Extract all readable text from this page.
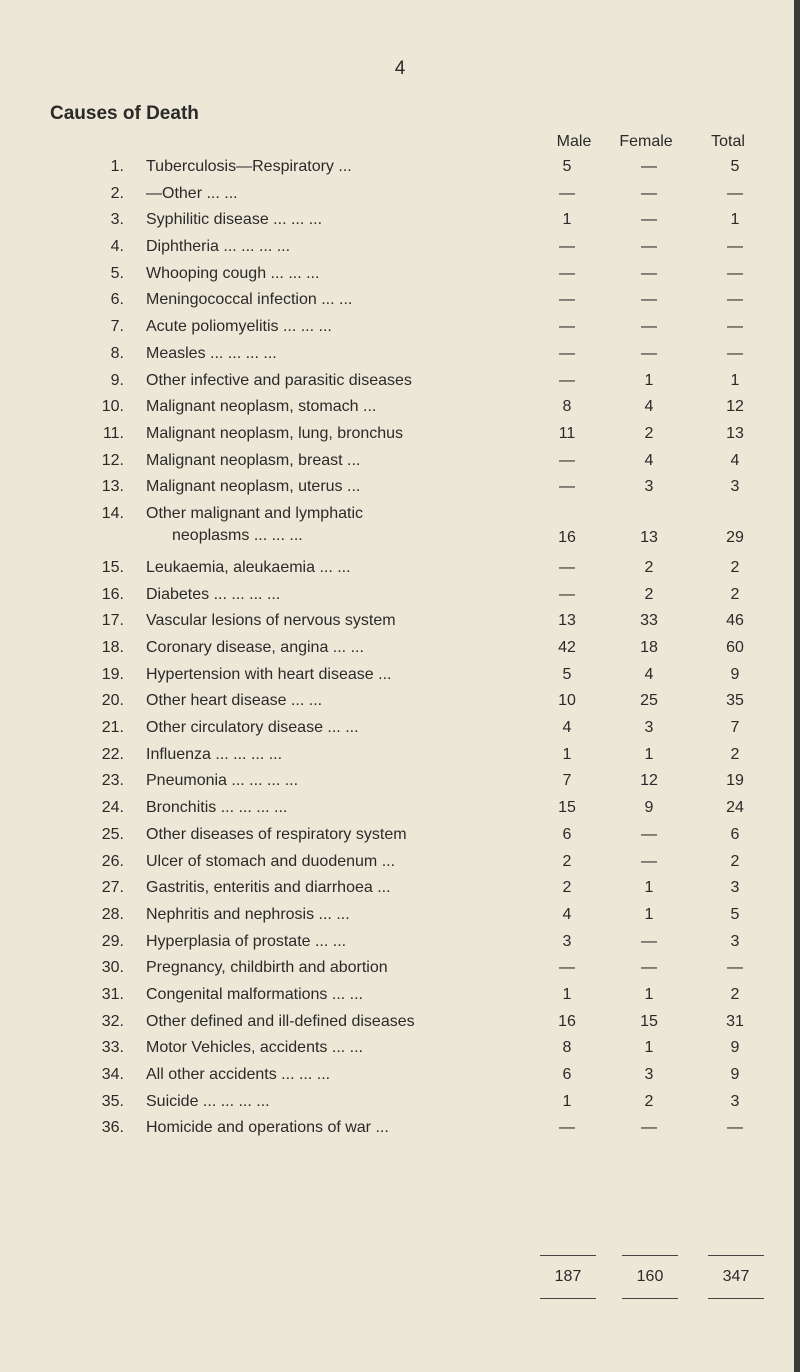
4
Causes of Death
Male	Female	Total
1. Tuberculosis—Respiratory ...	5	—	5
2. —Other ... ...	—	—	—
3. Syphilitic disease ... ... ...	1	—	1
4. Diphtheria ... ... ... ...	—	—	—
5. Whooping cough ... ... ...	—	—	—
6. Meningococcal infection ... ...	—	—	—
7. Acute poliomyelitis ... ... ...	—	—	—
8. Measles ... ... ... ...	—	—	—
9. Other infective and parasitic diseases	—	1	1
10. Malignant neoplasm, stomach ...	8	4	12
11. Malignant neoplasm, lung, bronchus	11	2	13
12. Malignant neoplasm, breast ...	—	4	4
13. Malignant neoplasm, uterus ...	—	3	3
14. Other malignant and lymphatic
neoplasms ... ... ...	16	13	29
15. Leukaemia, aleukaemia ... ...	—	2	2
16. Diabetes ... ... ... ...	—	2	2
17. Vascular lesions of nervous system	13	33	46
18. Coronary disease, angina ... ...	42	18	60
19. Hypertension with heart disease ...	5	4	9
20. Other heart disease ... ...	10	25	35
21. Other circulatory disease ... ...	4	3	7
22. Influenza ... ... ... ...	1	1	2
23. Pneumonia ... ... ... ...	7	12	19
24. Bronchitis ... ... ... ...	15	9	24
25. Other diseases of respiratory system	6	—	6
26. Ulcer of stomach and duodenum ...	2	—	2
27. Gastritis, enteritis and diarrhoea ...	2	1	3
28. Nephritis and nephrosis ... ...	4	1	5
29. Hyperplasia of prostate ... ...	3	—	3
30. Pregnancy, childbirth and abortion	—	—	—
31. Congenital malformations ... ...	1	1	2
32. Other defined and ill-defined diseases	16	15	31
33. Motor Vehicles, accidents ... ...	8	1	9
34. All other accidents ... ... ...	6	3	9
35. Suicide ... ... ... ...	1	2	3
36. Homicide and operations of war ...	—	—	—
187	160	347
